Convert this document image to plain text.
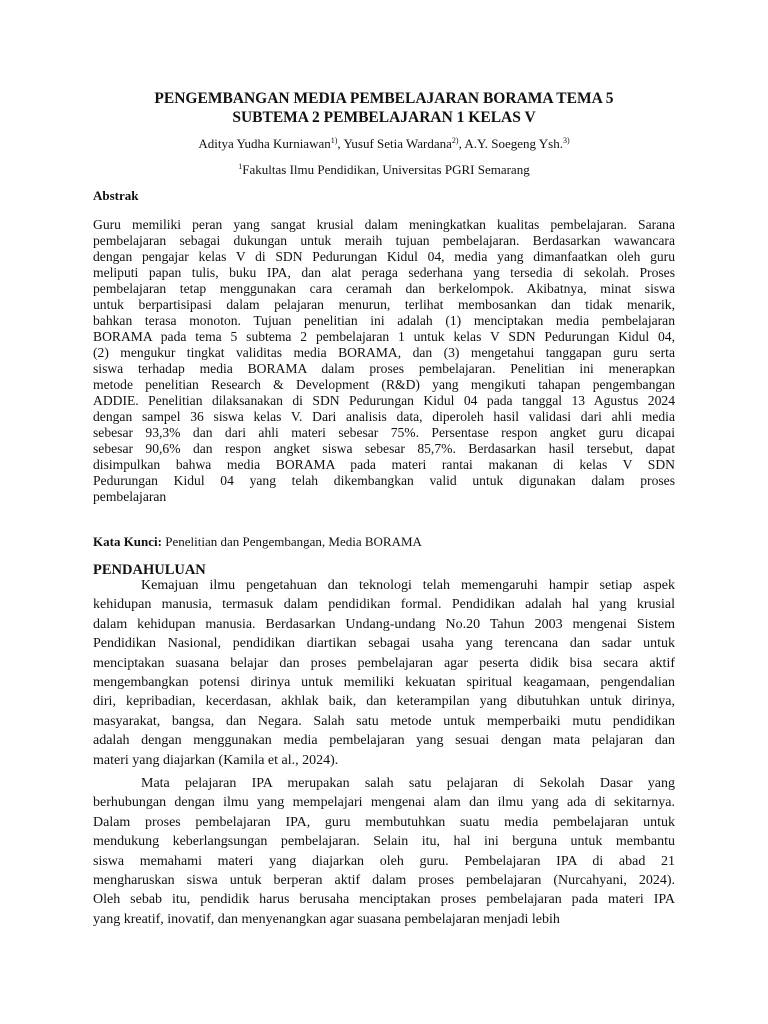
PENGEMBANGAN MEDIA PEMBELAJARAN BORAMA TEMA 5
SUBTEMA 2 PEMBELAJARAN 1 KELAS V
Aditya Yudha Kurniawan$^{1)}$, Yusuf Setia Wardana$^{2)}$, A.Y. Soegeng Ysh.$^{3)}$
$^1$Fakultas Ilmu Pendidikan, Universitas PGRI Semarang
Abstrak
Guru memiliki peran yang sangat krusial dalam meningkatkan kualitas pembelajaran. Sarana
pembelajaran sebagai dukungan untuk meraih tujuan pembelajaran. Berdasarkan wawancara
dengan pengajar kelas V di SDN Pedurungan Kidul 04, media yang dimanfaatkan oleh guru
meliputi papan tulis, buku IPA, dan alat peraga sederhana yang tersedia di sekolah. Proses
pembelajaran tetap menggunakan cara ceramah dan berkelompok. Akibatnya, minat siswa
untuk berpartisipasi dalam pelajaran menurun, terlihat membosankan dan tidak menarik,
bahkan terasa monoton. Tujuan penelitian ini adalah (1) menciptakan media pembelajaran
BORAMA pada tema 5 subtema 2 pembelajaran 1 untuk kelas V SDN Pedurungan Kidul 04,
(2) mengukur tingkat validitas media BORAMA, dan (3) mengetahui tanggapan guru serta
siswa terhadap media BORAMA dalam proses pembelajaran. Penelitian ini menerapkan
metode penelitian Research & Development (R&D) yang mengikuti tahapan pengembangan
ADDIE. Penelitian dilaksanakan di SDN Pedurungan Kidul 04 pada tanggal 13 Agustus 2024
dengan sampel 36 siswa kelas V. Dari analisis data, diperoleh hasil validasi dari ahli media
sebesar 93,3% dan dari ahli materi sebesar 75%. Persentase respon angket guru dicapai
sebesar 90,6% dan respon angket siswa sebesar 85,7%. Berdasarkan hasil tersebut, dapat
disimpulkan bahwa media BORAMA pada materi rantai makanan di kelas V SDN
Pedurungan Kidul 04 yang telah dikembangkan valid untuk digunakan dalam proses
pembelajaran
Kata Kunci: Penelitian dan Pengembangan, Media BORAMA
PENDAHULUAN
Kemajuan ilmu pengetahuan dan teknologi telah memengaruhi hampir setiap aspek
kehidupan manusia, termasuk dalam pendidikan formal. Pendidikan adalah hal yang krusial
dalam kehidupan manusia. Berdasarkan Undang-undang No.20 Tahun 2003 mengenai Sistem
Pendidikan Nasional, pendidikan diartikan sebagai usaha yang terencana dan sadar untuk
menciptakan suasana belajar dan proses pembelajaran agar peserta didik bisa secara aktif
mengembangkan potensi dirinya untuk memiliki kekuatan spiritual keagamaan, pengendalian
diri, kepribadian, kecerdasan, akhlak baik, dan keterampilan yang dibutuhkan untuk dirinya,
masyarakat, bangsa, dan Negara. Salah satu metode untuk memperbaiki mutu pendidikan
adalah dengan menggunakan media pembelajaran yang sesuai dengan mata pelajaran dan
materi yang diajarkan (Kamila et al., 2024).
Mata pelajaran IPA merupakan salah satu pelajaran di Sekolah Dasar yang
berhubungan dengan ilmu yang mempelajari mengenai alam dan ilmu yang ada di sekitarnya.
Dalam proses pembelajaran IPA, guru membutuhkan suatu media pembelajaran untuk
mendukung keberlangsungan pembelajaran. Selain itu, hal ini berguna untuk membantu
siswa memahami materi yang diajarkan oleh guru. Pembelajaran IPA di abad 21
mengharuskan siswa untuk berperan aktif dalam proses pembelajaran (Nurcahyani, 2024).
Oleh sebab itu, pendidik harus berusaha menciptakan proses pembelajaran pada materi IPA
yang kreatif, inovatif, dan menyenangkan agar suasana pembelajaran menjadi lebih
